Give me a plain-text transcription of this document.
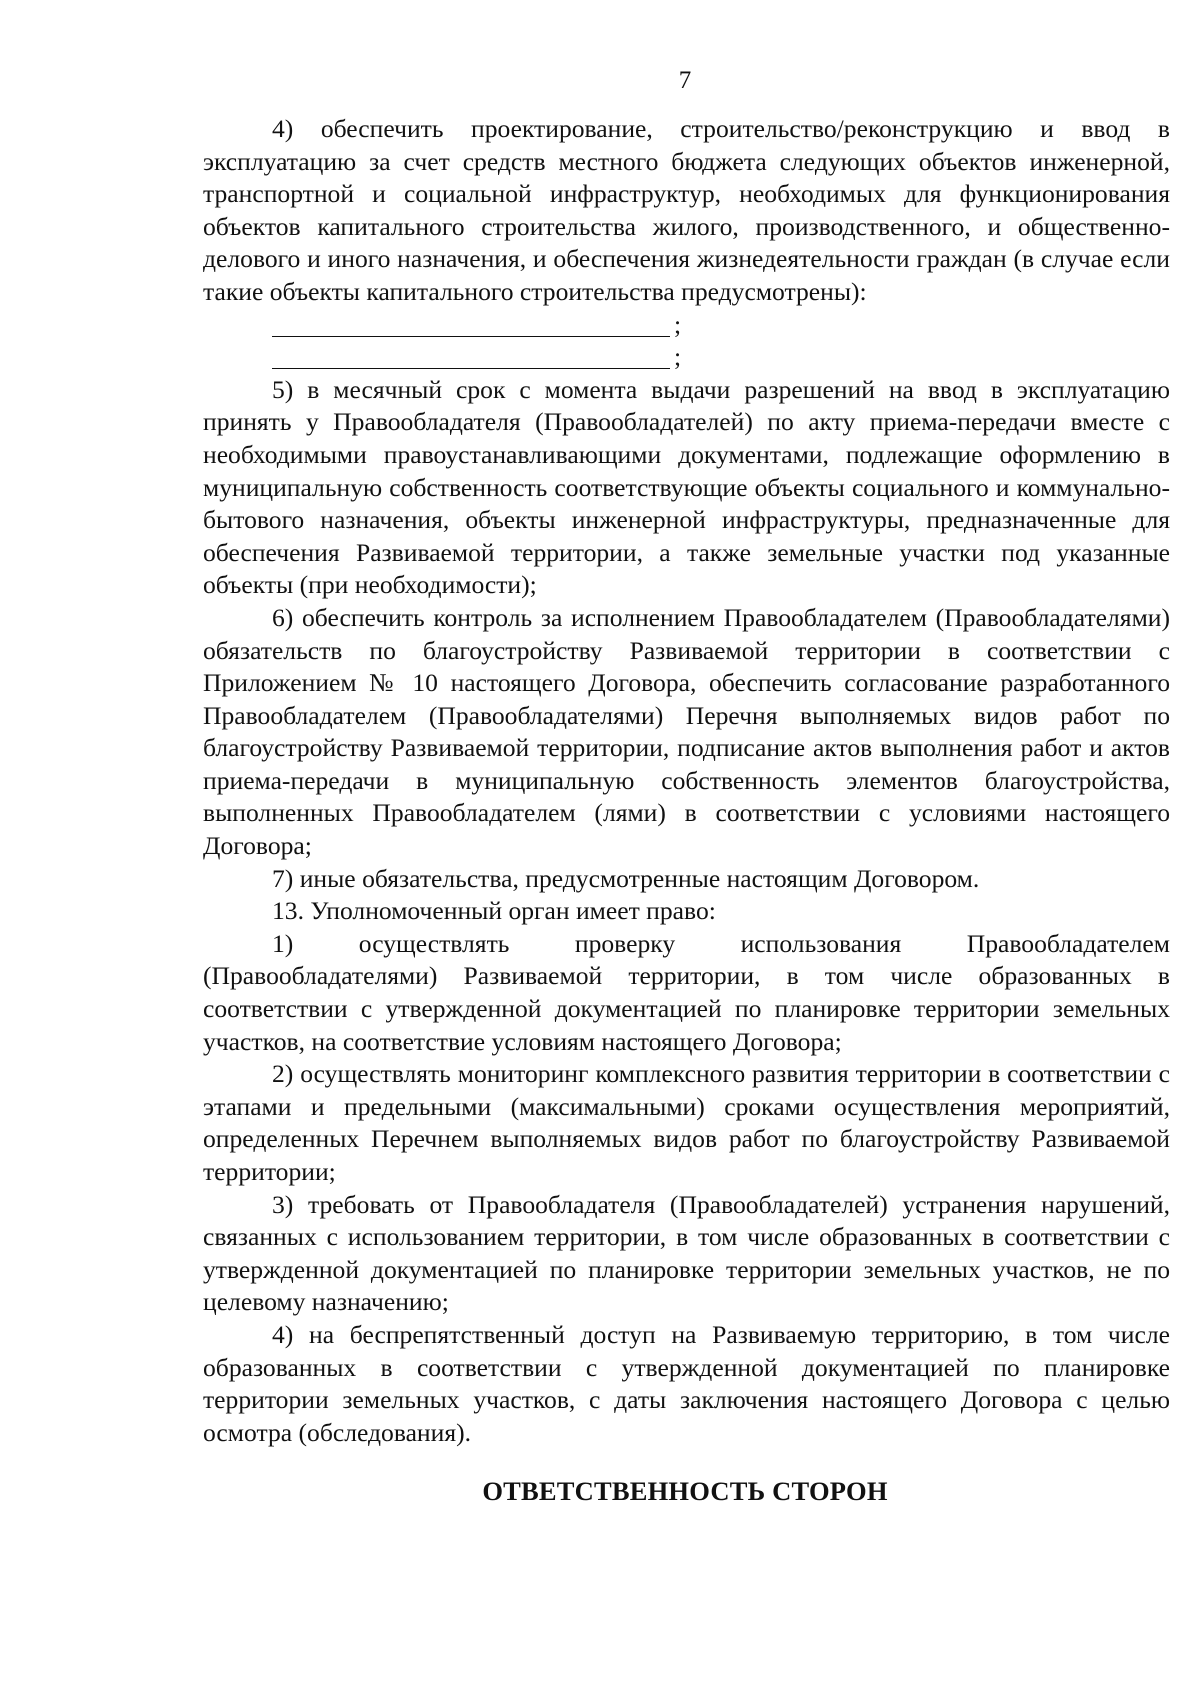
7

4) обеспечить проектирование, строительство/реконструкцию и ввод в эксплуатацию за счет средств местного бюджета следующих объектов инженерной, транспортной и социальной инфраструктур, необходимых для функционирования объектов капитального строительства жилого, производственного, и общественно-делового и иного назначения, и обеспечения жизнедеятельности граждан (в случае если такие объекты капитального строительства предусмотрены):

;
;

5) в месячный срок с момента выдачи разрешений на ввод в эксплуатацию принять у Правообладателя (Правообладателей) по акту приема-передачи вместе с необходимыми правоустанавливающими документами, подлежащие оформлению в муниципальную собственность соответствующие объекты социального и коммунально-бытового назначения, объекты инженерной инфраструктуры, предназначенные для обеспечения Развиваемой территории, а также земельные участки под указанные объекты (при необходимости);

6) обеспечить контроль за исполнением Правообладателем (Правообладателями) обязательств по благоустройству Развиваемой территории в соответствии с Приложением № 10 настоящего Договора, обеспечить согласование разработанного Правообладателем (Правообладателями) Перечня выполняемых видов работ по благоустройству Развиваемой территории, подписание актов выполнения работ и актов приема-передачи в муниципальную собственность элементов благоустройства, выполненных Правообладателем (лями) в соответствии с условиями настоящего Договора;

7) иные обязательства, предусмотренные настоящим Договором.

13. Уполномоченный орган имеет право:

1) осуществлять проверку использования Правообладателем (Правообладателями) Развиваемой территории, в том числе образованных в соответствии с утвержденной документацией по планировке территории земельных участков, на соответствие условиям настоящего Договора;

2) осуществлять мониторинг комплексного развития территории в соответствии с этапами и предельными (максимальными) сроками осуществления мероприятий, определенных Перечнем выполняемых видов работ по благоустройству Развиваемой территории;

3) требовать от Правообладателя (Правообладателей) устранения нарушений, связанных с использованием территории, в том числе образованных в соответствии с утвержденной документацией по планировке территории земельных участков, не по целевому назначению;

4) на беспрепятственный доступ на Развиваемую территорию, в том числе образованных в соответствии с утвержденной документацией по планировке территории земельных участков, с даты заключения настоящего Договора с целью осмотра (обследования).

ОТВЕТСТВЕННОСТЬ СТОРОН
